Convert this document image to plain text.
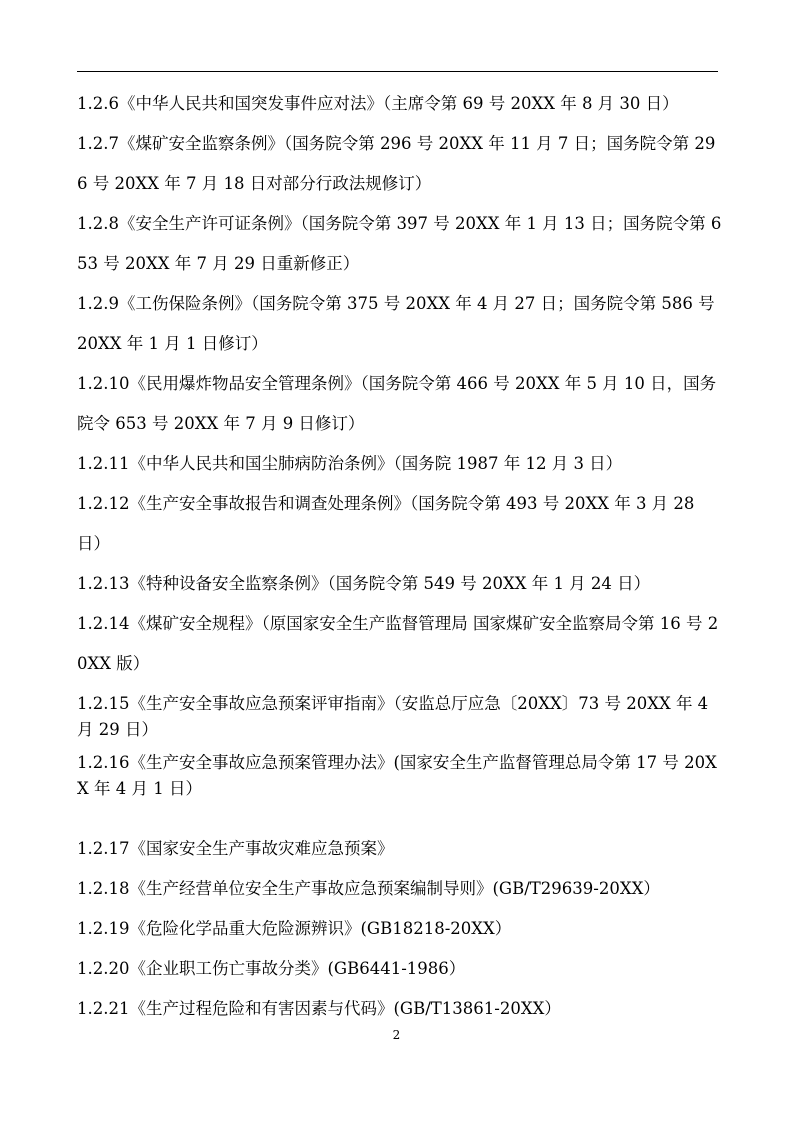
1.2.6《中华人民共和国突发事件应对法》（主席令第 69 号 20XX 年 8 月 30 日）

1.2.7《煤矿安全监察条例》（国务院令第 296 号 20XX 年 11 月 7 日；国务院令第 296 号 20XX 年 7 月 18 日对部分行政法规修订）

1.2.8《安全生产许可证条例》（国务院令第 397 号 20XX 年 1 月 13 日；国务院令第 653 号 20XX 年 7 月 29 日重新修正）

1.2.9《工伤保险条例》（国务院令第 375 号 20XX 年 4 月 27 日；国务院令第 586 号 20XX 年 1 月 1 日修订）

1.2.10《民用爆炸物品安全管理条例》（国务院令第 466 号 20XX 年 5 月 10 日，国务院令 653 号 20XX 年 7 月 9 日修订）

1.2.11《中华人民共和国尘肺病防治条例》（国务院 1987 年 12 月 3 日）

1.2.12《生产安全事故报告和调查处理条例》（国务院令第 493 号 20XX 年 3 月 28 日）

1.2.13《特种设备安全监察条例》（国务院令第 549 号 20XX 年 1 月 24 日）

1.2.14《煤矿安全规程》（原国家安全生产监督管理局 国家煤矿安全监察局令第 16 号 20XX 版）

1.2.15《生产安全事故应急预案评审指南》（安监总厅应急〔20XX〕73 号 20XX 年 4 月 29 日）

1.2.16《生产安全事故应急预案管理办法》(国家安全生产监督管理总局令第 17 号 20XX 年 4 月 1 日）

1.2.17《国家安全生产事故灾难应急预案》

1.2.18《生产经营单位安全生产事故应急预案编制导则》(GB/T29639-20XX）

1.2.19《危险化学品重大危险源辨识》(GB18218-20XX）

1.2.20《企业职工伤亡事故分类》(GB6441-1986）

1.2.21《生产过程危险和有害因素与代码》(GB/T13861-20XX）

2
